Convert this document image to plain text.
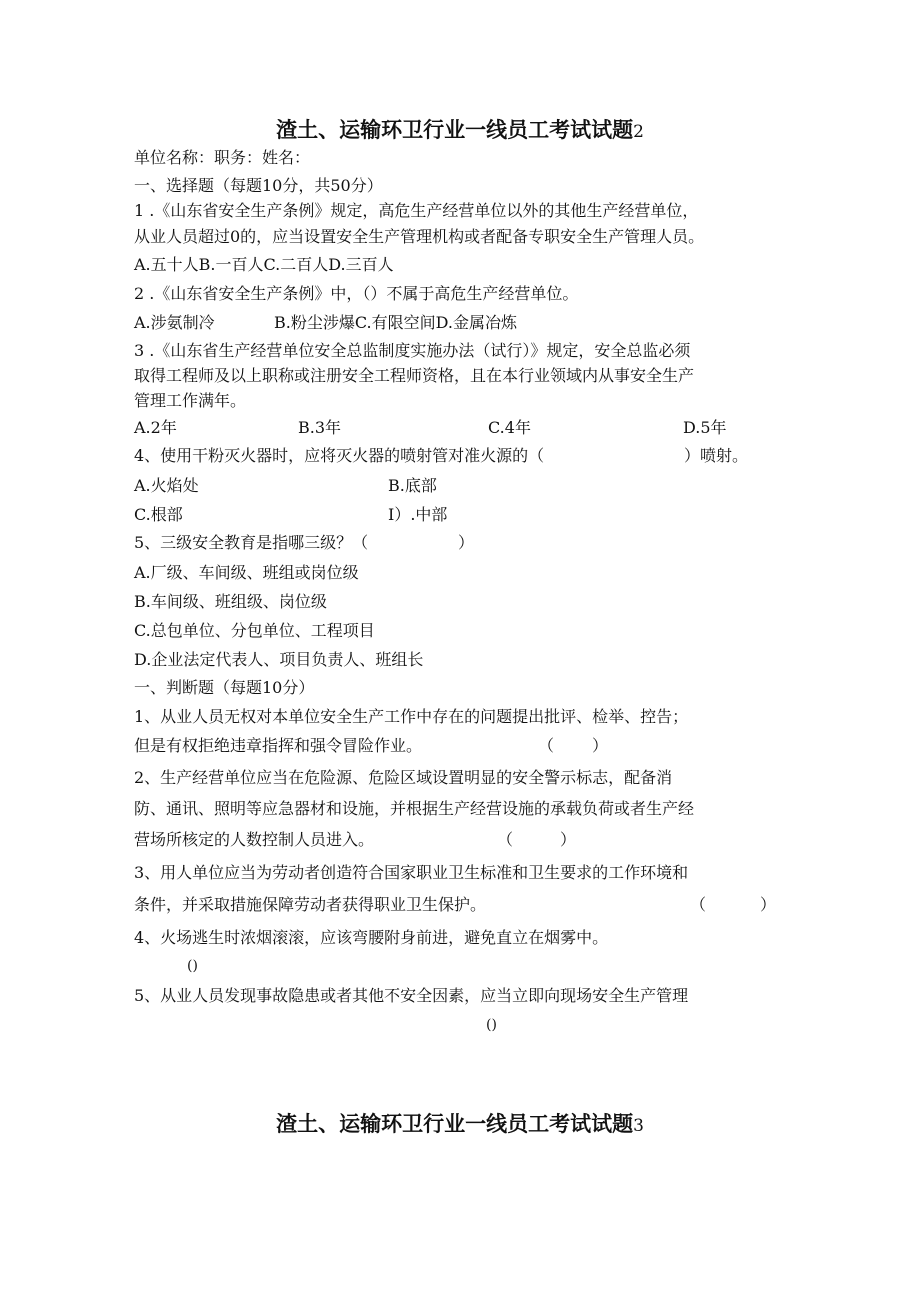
渣土、运输环卫行业一线员工考试试题2
单位名称：职务：姓名：
一、选择题（每题10分，共50分）
1 .《山东省安全生产条例》规定，高危生产经营单位以外的其他生产经营单位，
从业人员超过0的，应当设置安全生产管理机构或者配备专职安全生产管理人员。
A.五十人B.一百人C.二百人D.三百人
2 .《山东省安全生产条例》中，（）不属于高危生产经营单位。
A.涉氨制冷	B.粉尘涉爆C.有限空间D.金属冶炼
3 .《山东省生产经营单位安全总监制度实施办法（试行）》规定，安全总监必须
取得工程师及以上职称或注册安全工程师资格，且在本行业领域内从事安全生产
管理工作满年。
A.2年	B.3年	C.4年	D.5年
4、使用干粉灭火器时，应将灭火器的喷射管对准火源的（	）喷射。
A.火焰处	B.底部
C.根部	I）.中部
5、三级安全教育是指哪三级？（	）
A.厂级、车间级、班组或岗位级
B.车间级、班组级、岗位级
C.总包单位、分包单位、工程项目
D.企业法定代表人、项目负责人、班组长
一、判断题（每题10分）
1、从业人员无权对本单位安全生产工作中存在的问题提出批评、检举、控告；
但是有权拒绝违章指挥和强令冒险作业。	（ ）
2、生产经营单位应当在危险源、危险区域设置明显的安全警示标志，配备消
防、通讯、照明等应急器材和设施，并根据生产经营设施的承载负荷或者生产经
营场所核定的人数控制人员进入。	（	）
3、用人单位应当为劳动者创造符合国家职业卫生标准和卫生要求的工作环境和
条件，并采取措施保障劳动者获得职业卫生保护。	（	）
4、火场逃生时浓烟滚滚，应该弯腰附身前进，避免直立在烟雾中。
()
5、从业人员发现事故隐患或者其他不安全因素，应当立即向现场安全生产管理
()
渣土、运输环卫行业一线员工考试试题3
